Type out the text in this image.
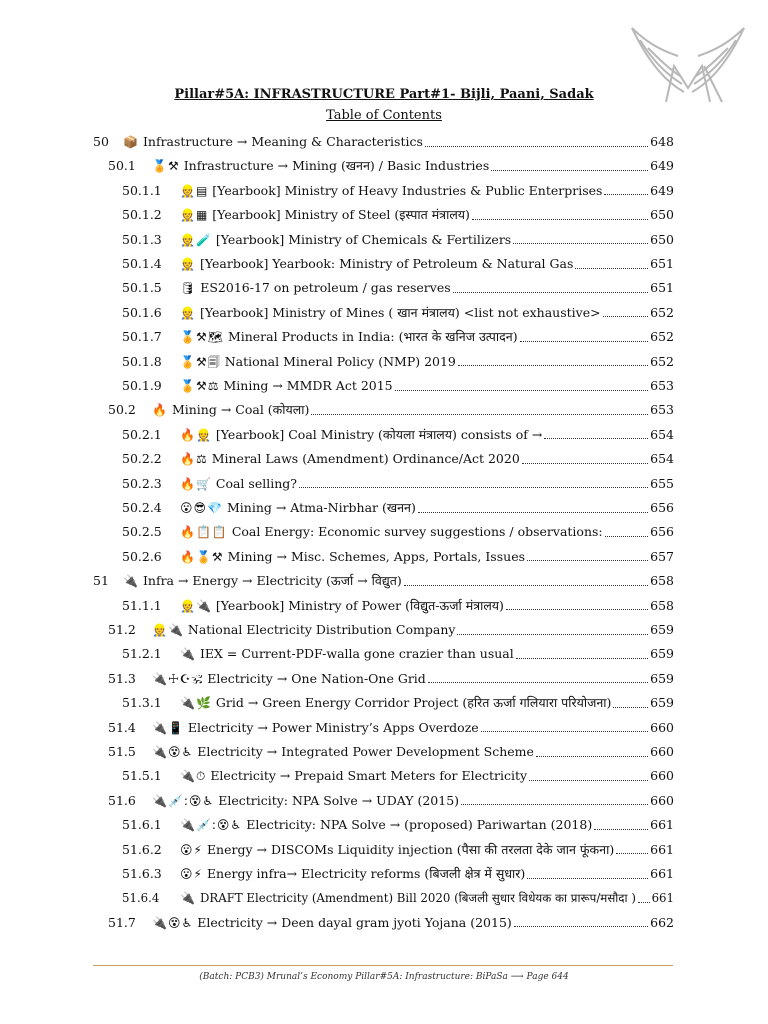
Pillar#5A: INFRASTRUCTURE Part#1- Bijli, Paani, Sadak
Table of Contents
50	📦 Infrastructure → Meaning & Characteristics	648
50.1	🏅⚒ Infrastructure → Mining (खनन) / Basic Industries	649
50.1.1	👷▤ [Yearbook] Ministry of Heavy Industries & Public Enterprises	649
50.1.2	👷▦ [Yearbook] Ministry of Steel (इस्पात मंत्रालय)	650
50.1.3	👷🧪 [Yearbook] Ministry of Chemicals & Fertilizers	650
50.1.4	👷 [Yearbook] Yearbook: Ministry of Petroleum & Natural Gas	651
50.1.5	🛢 ES2016-17 on petroleum / gas reserves	651
50.1.6	👷 [Yearbook] Ministry of Mines ( खान मंत्रालय) <list not exhaustive>	652
50.1.7	🏅⚒🗺 Mineral Products in India: (भारत के खनिज उत्पादन)	652
50.1.8	🏅⚒🗐 National Mineral Policy (NMP) 2019	652
50.1.9	🏅⚒⚖ Mining → MMDR Act 2015	653
50.2	🔥 Mining → Coal (कोयला)	653
50.2.1	🔥👷 [Yearbook] Coal Ministry (कोयला मंत्रालय) consists of →	654
50.2.2	🔥⚖ Mineral Laws (Amendment) Ordinance/Act 2020	654
50.2.3	🔥🛒 Coal selling?	655
50.2.4	😮😎💎 Mining → Atma-Nirbhar (खनन)	656
50.2.5	🔥📋📋 Coal Energy: Economic survey suggestions / observations:	656
50.2.6	🔥🏅⚒ Mining → Misc. Schemes, Apps, Portals, Issues	657
51	🔌 Infra → Energy → Electricity (ऊर्जा → विद्युत)	658
51.1.1	👷🔌 [Yearbook] Ministry of Power (विद्युत-ऊर्जा मंत्रालय)	658
51.2	👷🔌 National Electricity Distribution Company	659
51.2.1	🔌 IEX = Current-PDF-walla gone crazier than usual	659
51.3	🔌☩☪🕉 Electricity → One Nation-One Grid	659
51.3.1	🔌🌿 Grid → Green Energy Corridor Project (हरित ऊर्जा गलियारा परियोजना)	659
51.4	🔌📱 Electricity → Power Ministry’s Apps Overdoze	660
51.5	🔌😵♿ Electricity → Integrated Power Development Scheme	660
51.5.1	🔌⏱ Electricity → Prepaid Smart Meters for Electricity	660
51.6	🔌💉:😵♿ Electricity: NPA Solve → UDAY (2015)	660
51.6.1	🔌💉:😵♿ Electricity: NPA Solve → (proposed) Pariwartan (2018)	661
51.6.2	😮⚡ Energy → DISCOMs Liquidity injection (पैसा की तरलता देके जान फूंकना)	661
51.6.3	😮⚡ Energy infra→ Electricity reforms (बिजली क्षेत्र में सुधार)	661
51.6.4	🔌 DRAFT Electricity (Amendment) Bill 2020 (बिजली सुधार विधेयक का प्रारूप/मसौदा ) 661
51.7	🔌😵♿ Electricity → Deen dayal gram jyoti Yojana (2015)	662
(Batch: PCB3) Mrunal’s Economy Pillar#5A: Infrastructure: BiPaSa ⟶ Page 644
